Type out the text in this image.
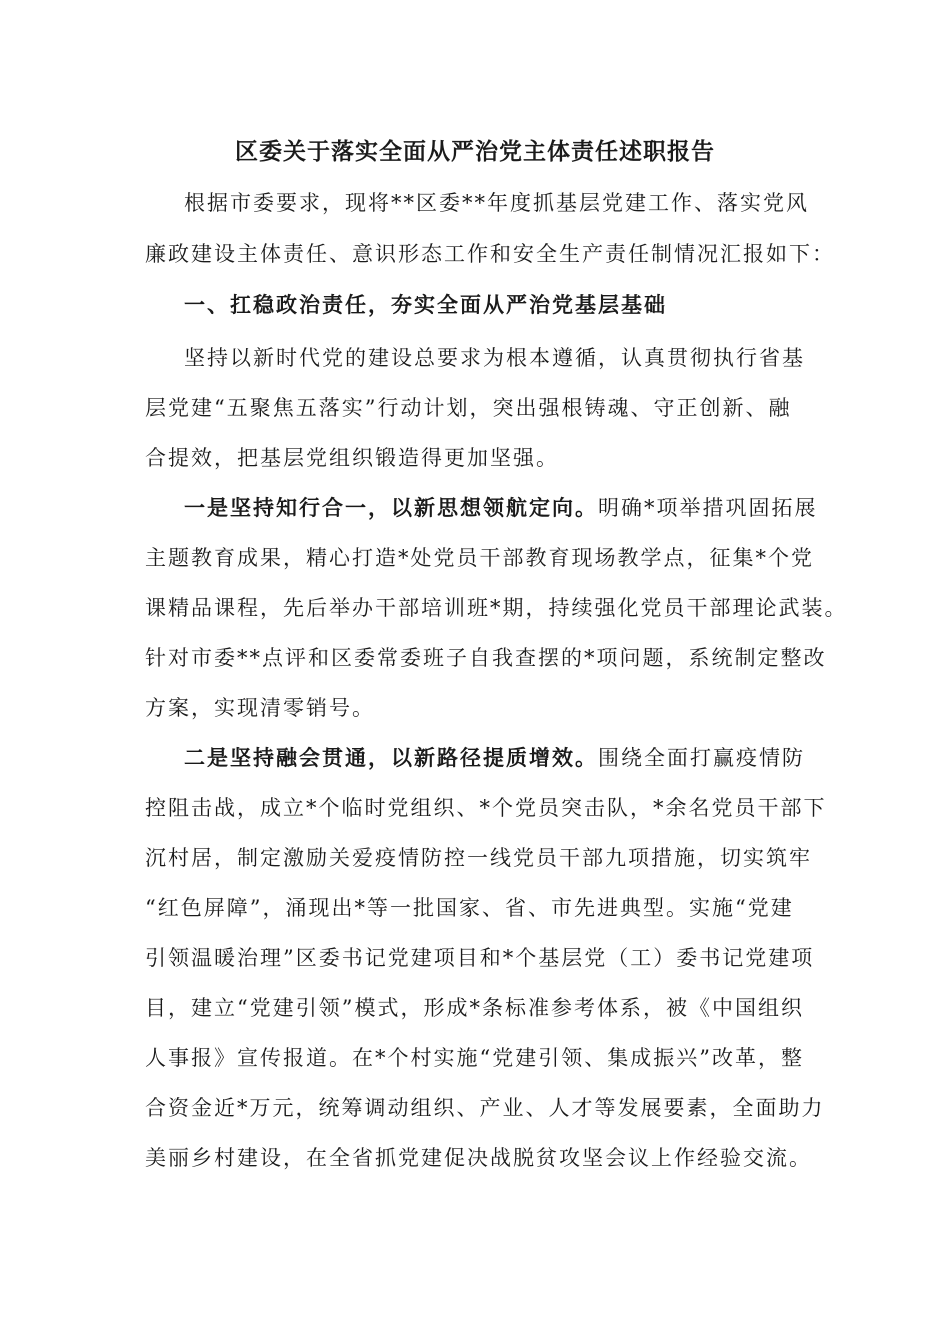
区委关于落实全面从严治党主体责任述职报告
根据市委要求，现将**区委**年度抓基层党建工作、落实党风
廉政建设主体责任、意识形态工作和安全生产责任制情况汇报如下：
一、扛稳政治责任，夯实全面从严治党基层基础
坚持以新时代党的建设总要求为根本遵循，认真贯彻执行省基
层党建“五聚焦五落实”行动计划，突出强根铸魂、守正创新、融
合提效，把基层党组织锻造得更加坚强。
一是坚持知行合一，以新思想领航定向。明确*项举措巩固拓展
主题教育成果，精心打造*处党员干部教育现场教学点，征集*个党
课精品课程，先后举办干部培训班*期，持续强化党员干部理论武装。
针对市委**点评和区委常委班子自我查摆的*项问题，系统制定整改
方案，实现清零销号。
二是坚持融会贯通，以新路径提质增效。围绕全面打赢疫情防
控阻击战，成立*个临时党组织、*个党员突击队，*余名党员干部下
沉村居，制定激励关爱疫情防控一线党员干部九项措施，切实筑牢
“红色屏障”，涌现出*等一批国家、省、市先进典型。实施“党建
引领温暖治理”区委书记党建项目和*个基层党（工）委书记党建项
目，建立“党建引领”模式，形成*条标准参考体系，被《中国组织
人事报》宣传报道。在*个村实施“党建引领、集成振兴”改革，整
合资金近*万元，统筹调动组织、产业、人才等发展要素，全面助力
美丽乡村建设，在全省抓党建促决战脱贫攻坚会议上作经验交流。
